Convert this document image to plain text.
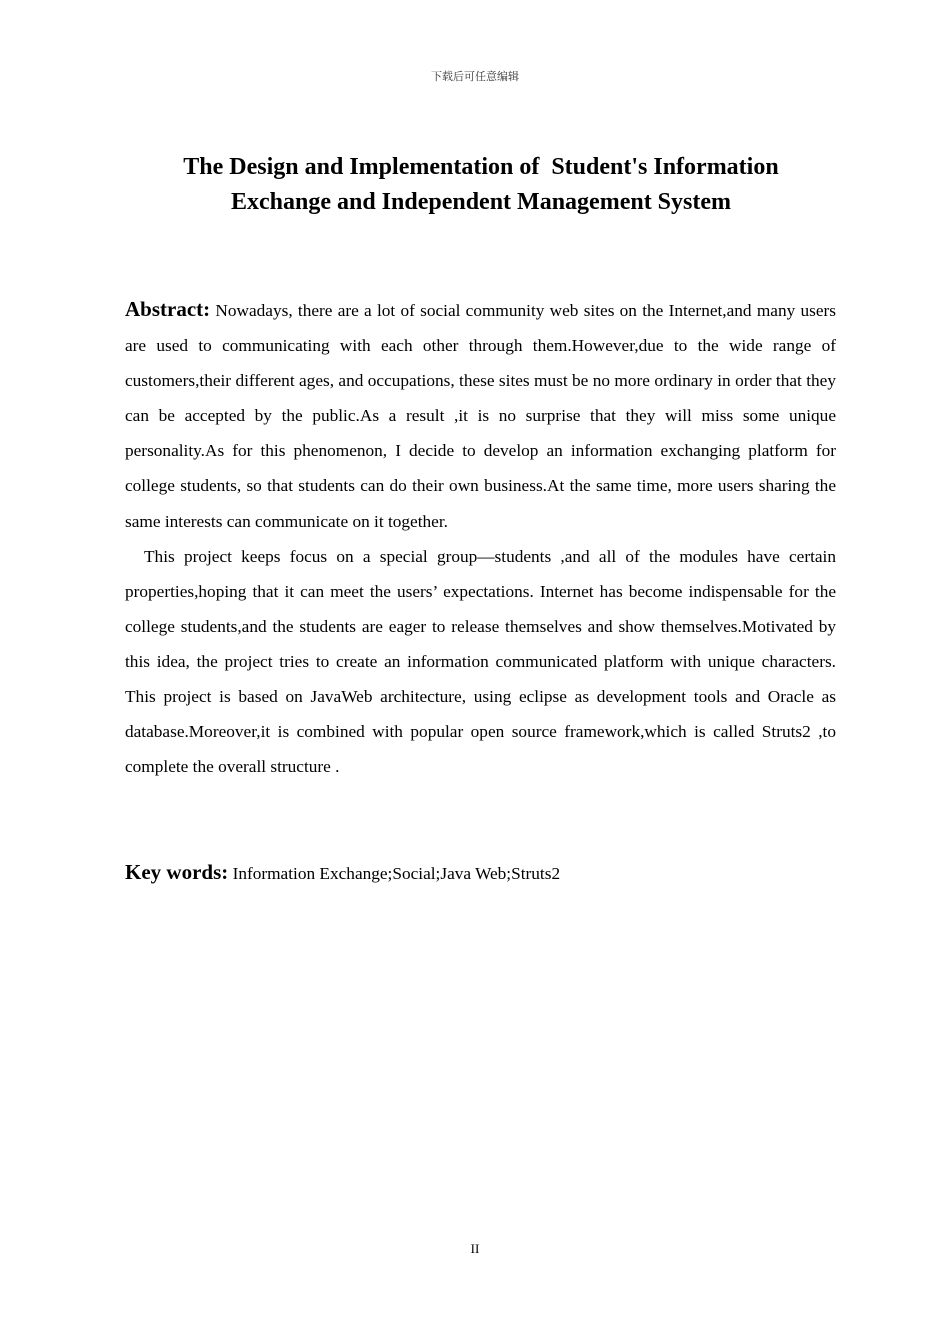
下载后可任意编辑
The Design and Implementation of  Student's Information
Exchange and Independent Management System

Abstract: Nowadays, there are a lot of social community web sites on the Internet,and many users are used to communicating with each other through them.However,due to the wide range of customers,their different ages, and occupations, these sites must be no more ordinary in order that they can be accepted by the public.As a result ,it is no surprise that they will miss some unique personality.As for this phenomenon, I decide to develop an information exchanging platform for college students, so that students can do their own business.At the same time, more users sharing the same interests can communicate on it together.

This project keeps focus on a special group—students ,and all of the modules have certain properties,hoping that it can meet the users’ expectations. Internet has become indispensable for the college students,and the students are eager to release themselves and show themselves.Motivated by this idea, the project tries to create an information communicated platform with unique characters. This project is based on JavaWeb architecture, using eclipse as development tools and Oracle as database.Moreover,it is combined with popular open source framework,which is called Struts2 ,to complete the overall structure .

Key words: Information Exchange;Social;Java Web;Struts2
II
